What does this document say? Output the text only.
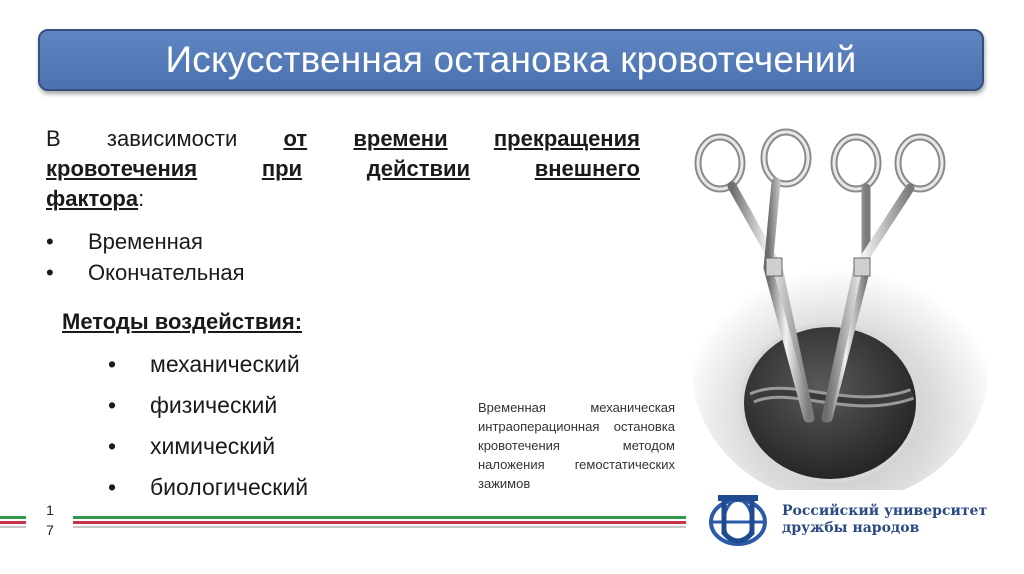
Искусственная остановка кровотечений
В зависимости от времени прекращения
кровотечения	при	действии	внешнего
фактора:
•	Временная
•	Окончательная
Методы воздействия:
•	механический
•	физический
•	химический
•	биологический
Временная механическая интраоперационная остановка кровотечения методом наложения гемостатических зажимов
1
7
Российский университет
дружбы народов
